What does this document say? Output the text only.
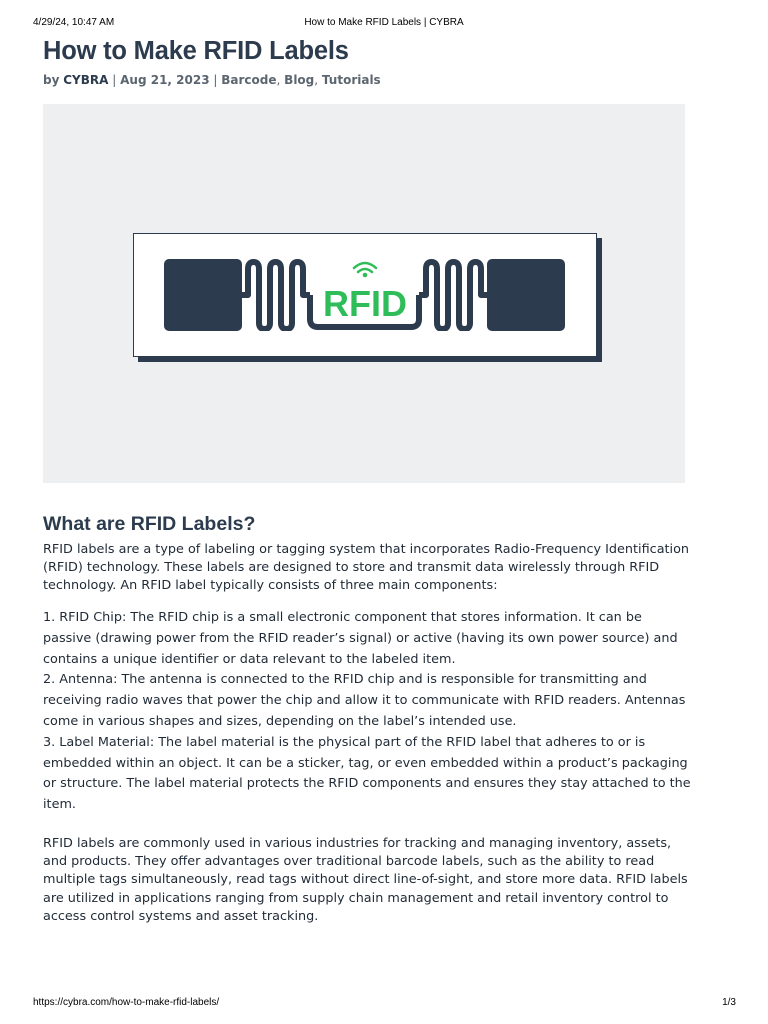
4/29/24, 10:47 AM	How to Make RFID Labels | CYBRA
How to Make RFID Labels
by CYBRA | Aug 21, 2023 | Barcode, Blog, Tutorials
RFID
What are RFID Labels?

RFID labels are a type of labeling or tagging system that incorporates Radio-Frequency Identification (RFID) technology. These labels are designed to store and transmit data wirelessly through RFID technology. An RFID label typically consists of three main components:

1. RFID Chip: The RFID chip is a small electronic component that stores information. It can be passive (drawing power from the RFID reader’s signal) or active (having its own power source) and contains a unique identifier or data relevant to the labeled item.
2. Antenna: The antenna is connected to the RFID chip and is responsible for transmitting and receiving radio waves that power the chip and allow it to communicate with RFID readers. Antennas come in various shapes and sizes, depending on the label’s intended use.
3. Label Material: The label material is the physical part of the RFID label that adheres to or is embedded within an object. It can be a sticker, tag, or even embedded within a product’s packaging or structure. The label material protects the RFID components and ensures they stay attached to the item.

RFID labels are commonly used in various industries for tracking and managing inventory, assets, and products. They offer advantages over traditional barcode labels, such as the ability to read multiple tags simultaneously, read tags without direct line-of-sight, and store more data. RFID labels are utilized in applications ranging from supply chain management and retail inventory control to access control systems and asset tracking.

https://cybra.com/how-to-make-rfid-labels/	1/3
